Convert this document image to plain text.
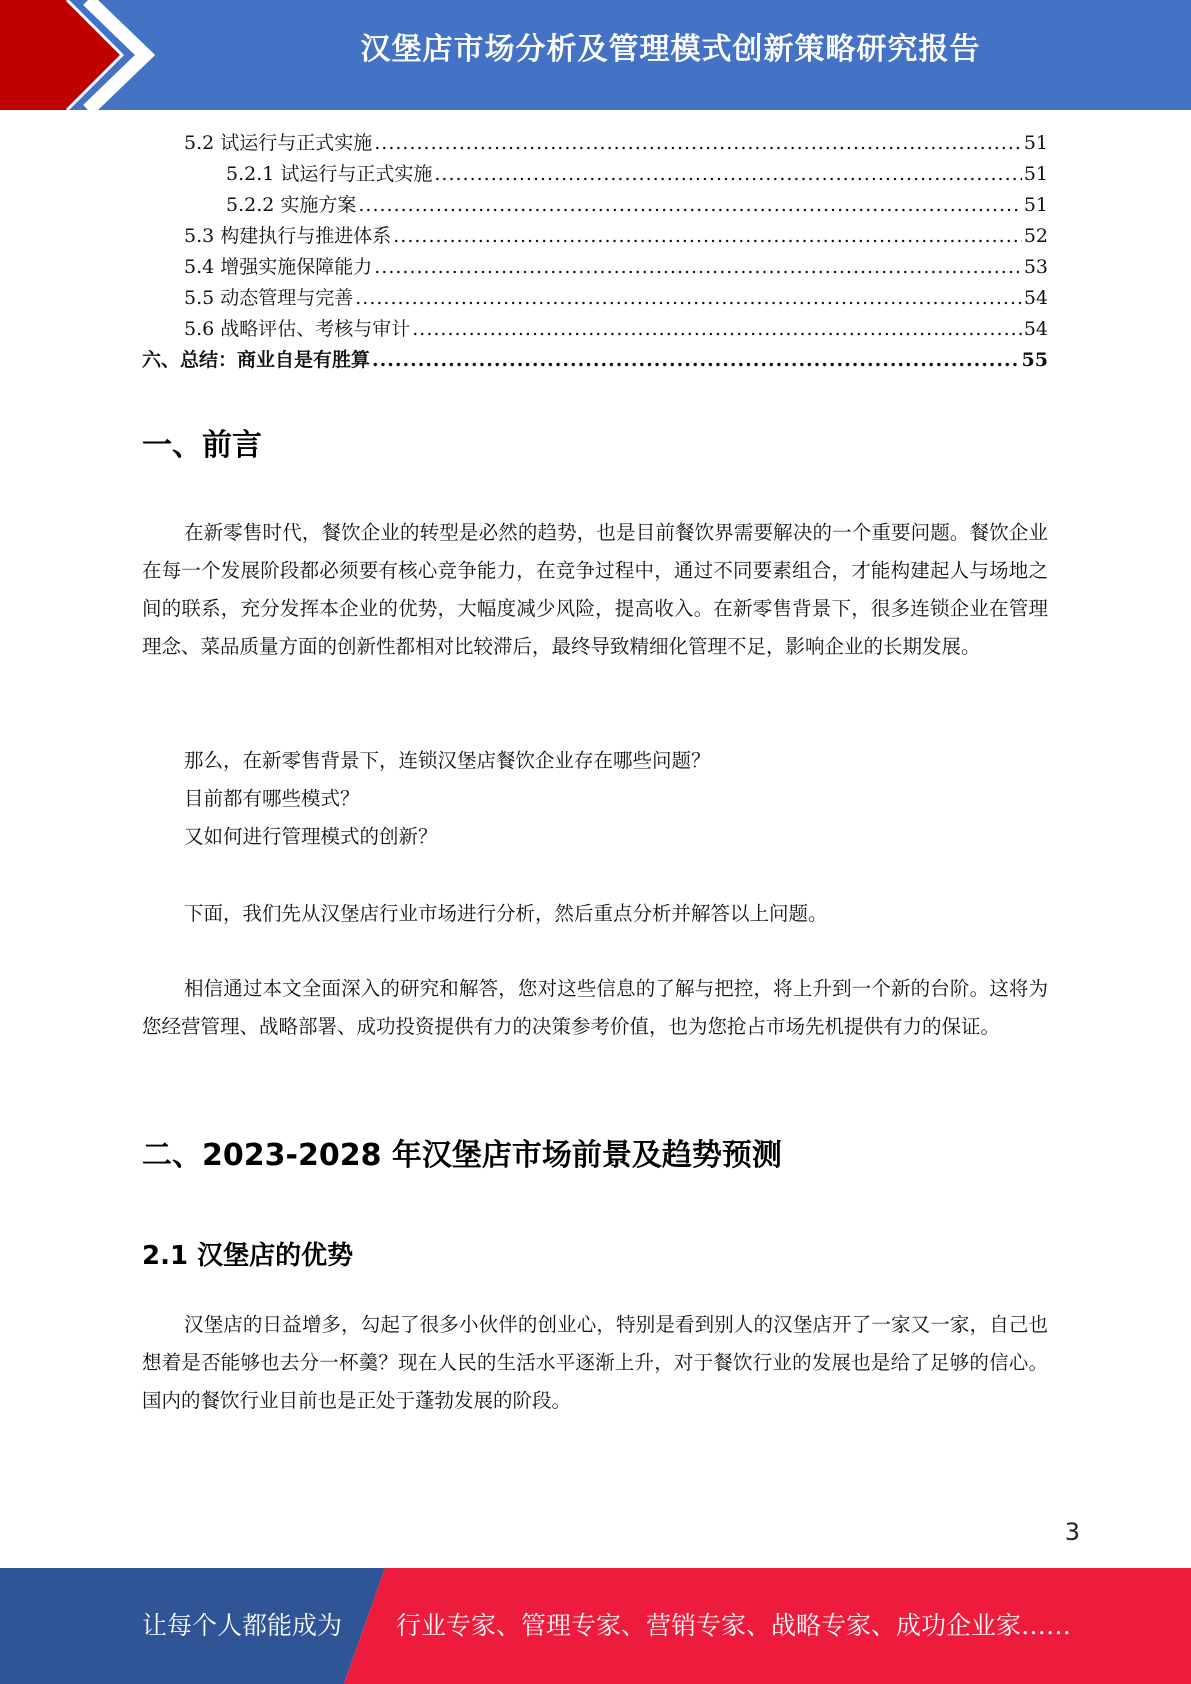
汉堡店市场分析及管理模式创新策略研究报告
5.2 试运行与正式实施 .....	51
5.2.1 试运行与正式实施 .....	51
5.2.2 实施方案 .....	51
5.3 构建执行与推进体系 .....	52
5.4 增强实施保障能力 .....	53
5.5 动态管理与完善 .....	54
5.6 战略评估、考核与审计 .....	54
六、总结：商业自是有胜算 .....	55
一、前言

在新零售时代，餐饮企业的转型是必然的趋势，也是目前餐饮界需要解决的一个重要问题。餐饮企业在每一个发展阶段都必须要有核心竞争能力，在竞争过程中，通过不同要素组合，才能构建起人与场地之间的联系，充分发挥本企业的优势，大幅度减少风险，提高收入。在新零售背景下，很多连锁企业在管理理念、菜品质量方面的创新性都相对比较滞后，最终导致精细化管理不足，影响企业的长期发展。

那么，在新零售背景下，连锁汉堡店餐饮企业存在哪些问题？
目前都有哪些模式？
又如何进行管理模式的创新？

下面，我们先从汉堡店行业市场进行分析，然后重点分析并解答以上问题。

相信通过本文全面深入的研究和解答，您对这些信息的了解与把控，将上升到一个新的台阶。这将为您经营管理、战略部署、成功投资提供有力的决策参考价值，也为您抢占市场先机提供有力的保证。

二、2023-2028 年汉堡店市场前景及趋势预测
2.1 汉堡店的优势

汉堡店的日益增多，勾起了很多小伙伴的创业心，特别是看到别人的汉堡店开了一家又一家，自己也想着是否能够也去分一杯羹？现在人民的生活水平逐渐上升，对于餐饮行业的发展也是给了足够的信心。国内的餐饮行业目前也是正处于蓬勃发展的阶段。

3
让每个人都能成为 行业专家、管理专家、营销专家、战略专家、成功企业家……
